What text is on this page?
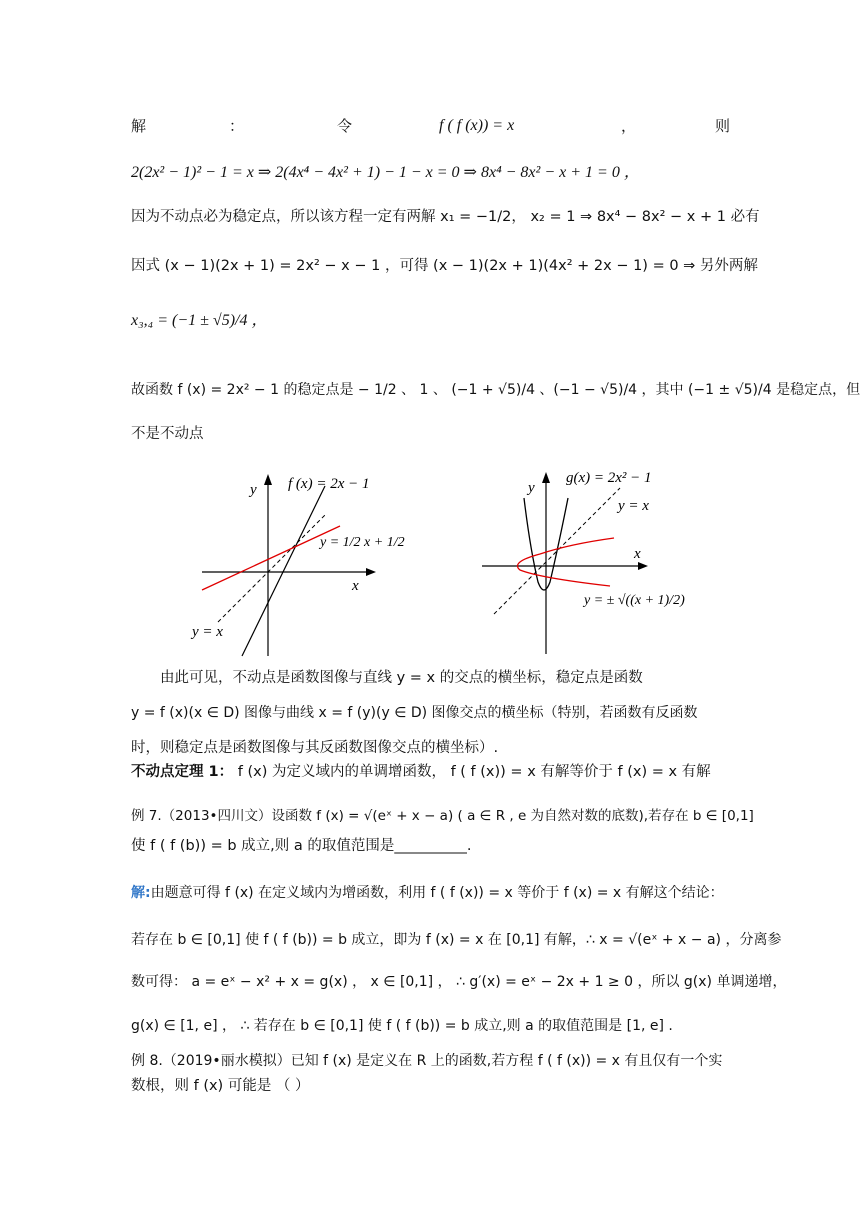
解	：	令	f ( f (x)) = x	，	则
2(2x² − 1)² − 1 = x ⇒ 2(4x⁴ − 4x² + 1) − 1 − x = 0 ⇒ 8x⁴ − 8x² − x + 1 = 0 ，
因为不动点必为稳定点，所以该方程一定有两解 x₁ = −1/2， x₂ = 1 ⇒ 8x⁴ − 8x² − x + 1 必有
因式 (x − 1)(2x + 1) = 2x² − x − 1 ，可得 (x − 1)(2x + 1)(4x² + 2x − 1) = 0 ⇒ 另外两解
x₃,₄ = (−1 ± √5)/4 ，
故函数 f (x) = 2x² − 1 的稳定点是 − 1/2 、 1 、 (−1 + √5)/4 、(−1 − √5)/4 ，其中 (−1 ± √5)/4 是稳定点，但
不是不动点
y
x
f (x) = 2x − 1
y = 1/2 x + 1/2
y = x
y
x
g(x) = 2x² − 1
y = x
y = ± √((x + 1)/2)
由此可见，不动点是函数图像与直线 y = x 的交点的横坐标，稳定点是函数
y = f (x)(x ∈ D) 图像与曲线 x = f (y)(y ∈ D) 图像交点的横坐标（特别，若函数有反函数
时，则稳定点是函数图像与其反函数图像交点的横坐标）.
不动点定理 1： f (x) 为定义域内的单调增函数， f ( f (x)) = x 有解等价于 f (x) = x 有解
例 7.（2013•四川文）设函数 f (x) = √(eˣ + x − a) ( a ∈ R , e 为自然对数的底数),若存在 b ∈ [0,1]
使 f ( f (b)) = b 成立,则 a 的取值范围是__________.
解:由题意可得 f (x) 在定义域内为增函数，利用 f ( f (x)) = x 等价于 f (x) = x 有解这个结论：
若存在 b ∈ [0,1] 使 f ( f (b)) = b 成立，即为 f (x) = x 在 [0,1] 有解，∴ x = √(eˣ + x − a) ，分离参
数可得： a = eˣ − x² + x = g(x) ， x ∈ [0,1] ， ∴ g′(x) = eˣ − 2x + 1 ≥ 0 ，所以 g(x) 单调递增，
g(x) ∈ [1, e] ， ∴ 若存在 b ∈ [0,1] 使 f ( f (b)) = b 成立,则 a 的取值范围是 [1, e] .
例 8.（2019•丽水模拟）已知 f (x) 是定义在 R 上的函数,若方程 f ( f (x)) = x 有且仅有一个实
数根，则 f (x) 可能是 （ ）
